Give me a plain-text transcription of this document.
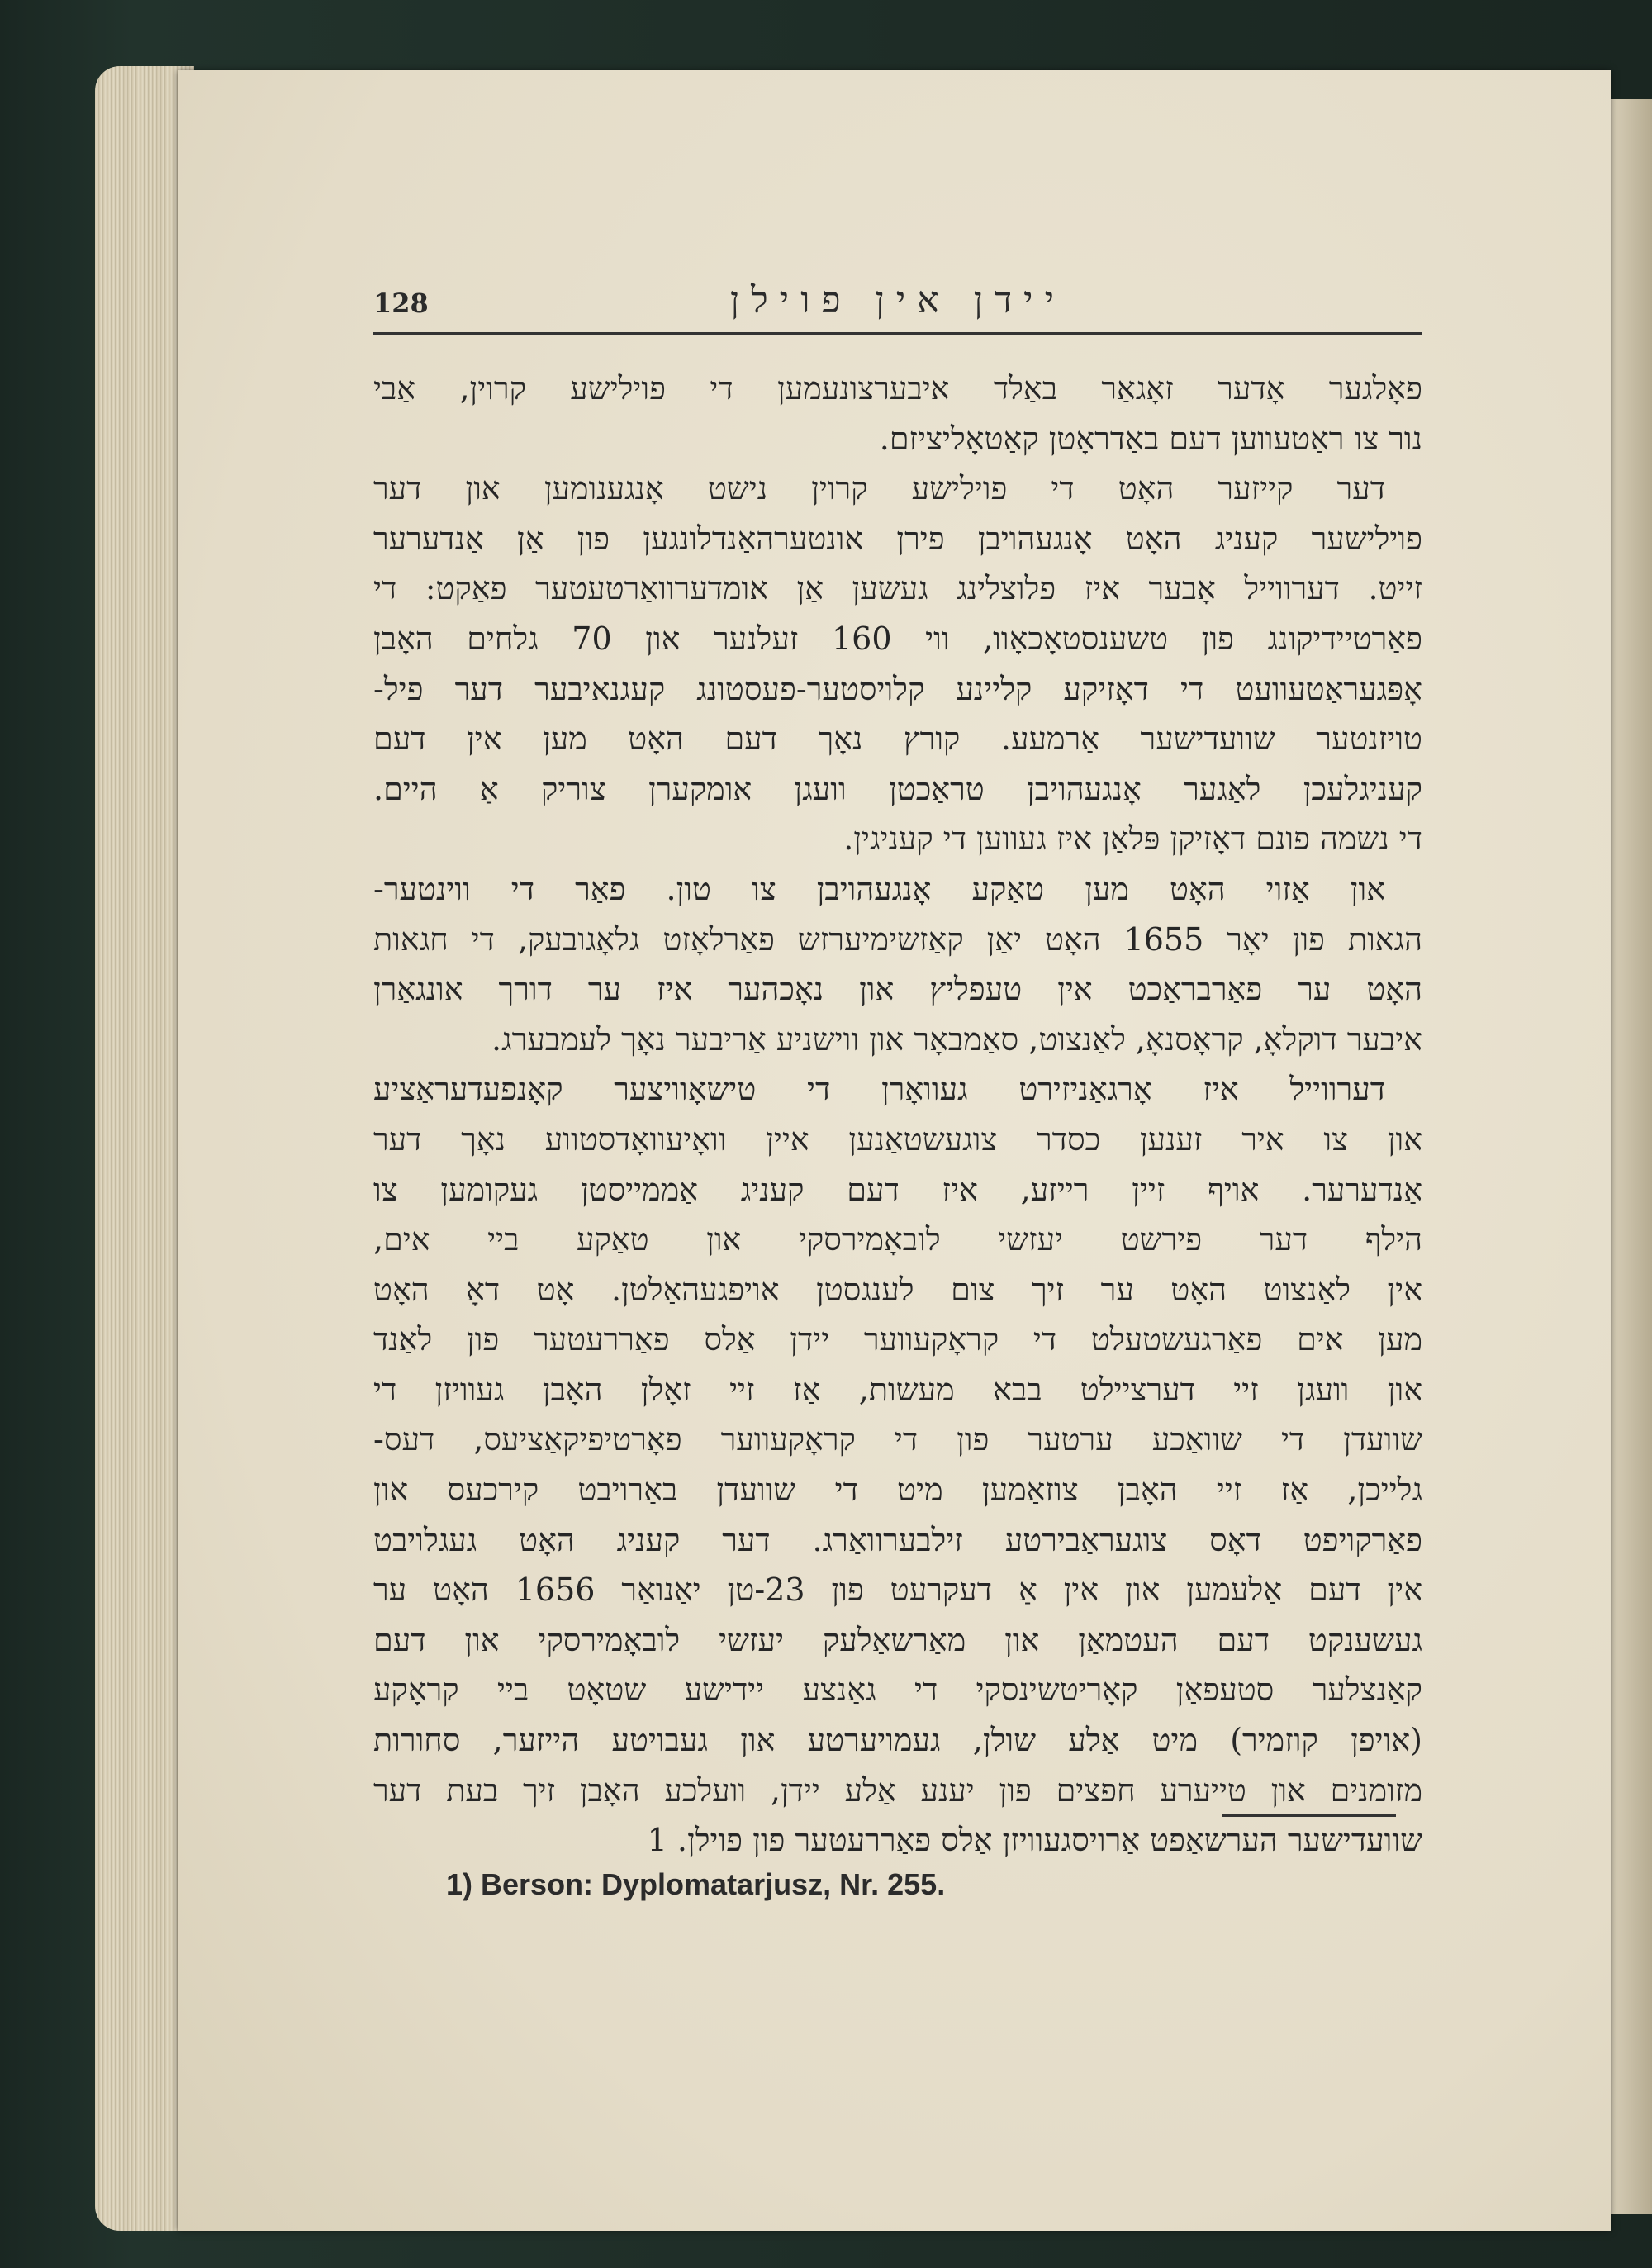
128	יידן אין פוילן
פאָלגער אָדער זאָגאַר באַלד איבערצונעמען די פוילישע קרוין, אַבי
נור צו ראַטעווען דעם באַדראָטן קאַטאָליציזם.
דער קייזער האָט די פוילישע קרוין נישט אָנגענומען און דער
פוילישער קעניג האָט אָנגעהויבן פירן אונטערהאַנדלונגען פון אַן אַנדערער
זייט. דערווייל אָבער איז פלוצלינג געשען אַן אומדערוואַרטעטער פאַקט: די
פאַרטיידיקונג פון טשענסטאָכאָוו, ווי 160 זעלנער און 70 גלחים האָבן
אָפּגעראַטעוועט די דאָזיקע קליינע קלויסטער-פעסטונג קעגנאיבער דער פיל-
טויזנטער שוועדישער אַרמעע. קורץ נאָך דעם האָט מען אין דעם
קעניגלעכן לאַגער אָנגעהויבן טראַכטן וועגן אומקערן צוריק אַ היים.
די נשמה פונם דאָזיקן פּלאַן איז געווען די קעניגין.
און אַזוי האָט מען טאַקע אָנגעהויבן צו טון. פאַר די ווינטער-
הגאות פון יאָר 1655 האָט יאַן קאַזשימיערזש פאַרלאָזט גלאָגובעק, די חגאות
האָט ער פאַרבראַכט אין טעפליץ און נאָכהער איז ער דורך אונגאַרן
איבער דוקלאָ, קראָסנאָ, לאַנצוט, סאַמבאָר און ווישניע אַריבער נאָך לעמבערג.
דערווייל איז אָרגאַניזירט געוואָרן די טישאָוויצער קאָנפעדעראַציע
און צו איר זענען כסדר צוגעשטאַנען איין וואָיעוואָדסטווע נאָך דער
אַנדערער. אויף זיין רייזע, איז דעם קעניג אַממייסטן געקומען צו
הילף דער פירשט יעזשי לובאָמירסקי און טאַקע ביי אים,
אין לאַנצוט האָט ער זיך צום לענגסטן אויפגעהאַלטן. אָט דאָ האָט
מען אים פאַרגעשטעלט די קראָקעווער יידן אַלס פאַררעטער פון לאַנד
און וועגן זיי דערציילט בבא מעשות, אַז זיי זאָלן האָבן געוויזן די
שוועדן די שוואַכע ערטער פון די קראָקעווער פאָרטיפיקאַציעס, דעס-
גלייכן, אַז זיי האָבן צוזאַמען מיט די שוועדן באַרויבט קירכעס און
פאַרקויפט דאָס צוגעראַבירטע זילבערוואַרג. דער קעניג האָט געגלויבט
אין דעם אַלעמען און אין אַ דעקרעט פון 23-טן יאַנואַר 1656 האָט ער
געשענקט דעם העטמאַן און מאַרשאַלעק יעזשי לובאָמירסקי און דעם
קאַנצלער סטעפאַן קאָריטשינסקי די גאַנצע יידישע שטאָט ביי קראָקע
(אויפן קוזמיר) מיט אַלע שולן, געמויערטע און געבויטע הייזער, סחורות
מזומנים און טייערע חפצים פון יענע אַלע יידן, וועלכע האָבן זיך בעת דער
שוועדישער הערשאַפט אַרויסגעוויזן אַלס פאַררעטער פון פוילן. 1
1) Berson: Dyplomatarjusz, Nr. 255.
